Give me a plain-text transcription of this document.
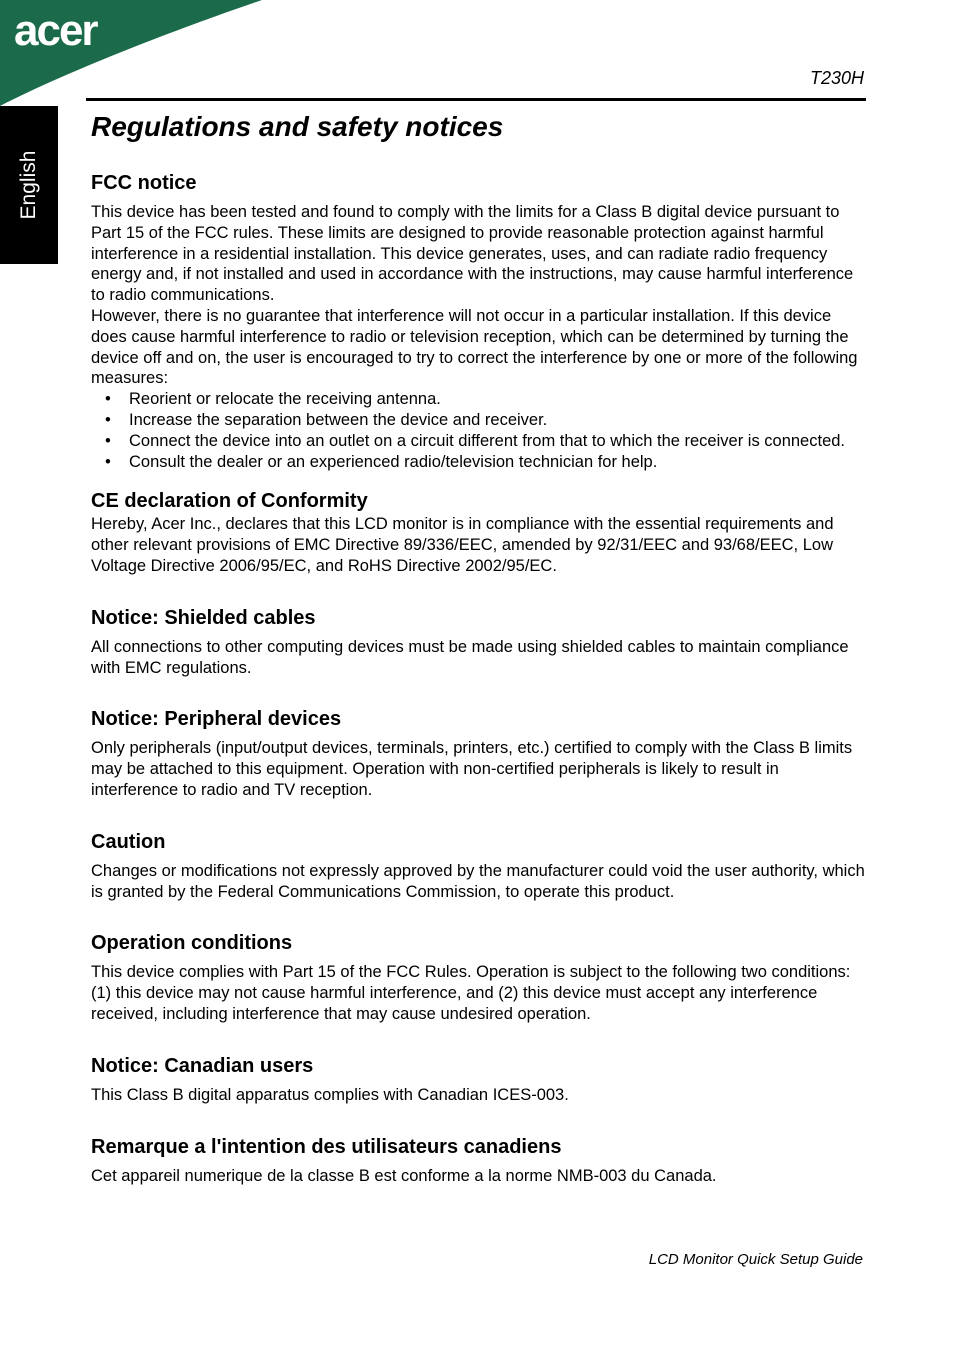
acer
English
T230H
Regulations and safety notices
FCC notice

This device has been tested and found to comply with the limits for a Class B digital device pursuant to Part 15 of the FCC rules. These limits are designed to provide reasonable protection against harmful interference in a residential installation. This device generates, uses, and can radiate radio frequency energy and, if not installed and used in accordance with the instructions, may cause harmful interference to radio communications.

However, there is no guarantee that interference will not occur in a particular installation. If this device does cause harmful interference to radio or television reception, which can be determined by turning the device off and on, the user is encouraged to try to correct the interference by one or more of the following measures:

• Reorient or relocate the receiving antenna.
• Increase the separation between the device and receiver.
• Connect the device into an outlet on a circuit different from that to which the receiver is connected.
• Consult the dealer or an experienced radio/television technician for help.
CE declaration of Conformity

Hereby, Acer Inc., declares that this LCD monitor is in compliance with the essential requirements and other relevant provisions of EMC Directive 89/336/EEC, amended by 92/31/EEC and 93/68/EEC, Low Voltage Directive 2006/95/EC, and RoHS Directive 2002/95/EC.

Notice: Shielded cables

All connections to other computing devices must be made using shielded cables to maintain compliance with EMC regulations.

Notice: Peripheral devices

Only peripherals (input/output devices, terminals, printers, etc.) certified to comply with the Class B limits may be attached to this equipment. Operation with non-certified peripherals is likely to result in interference to radio and TV reception.

Caution

Changes or modifications not expressly approved by the manufacturer could void the user authority, which is granted by the Federal Communications Commission, to operate this product.

Operation conditions

This device complies with Part 15 of the FCC Rules. Operation is subject to the following two conditions: (1) this device may not cause harmful interference, and (2) this device must accept any interference received, including interference that may cause undesired operation.

Notice: Canadian users

This Class B digital apparatus complies with Canadian ICES-003.

Remarque a l'intention des utilisateurs canadiens

Cet appareil numerique de la classe B est conforme a la norme NMB-003 du Canada.

LCD Monitor Quick Setup Guide
